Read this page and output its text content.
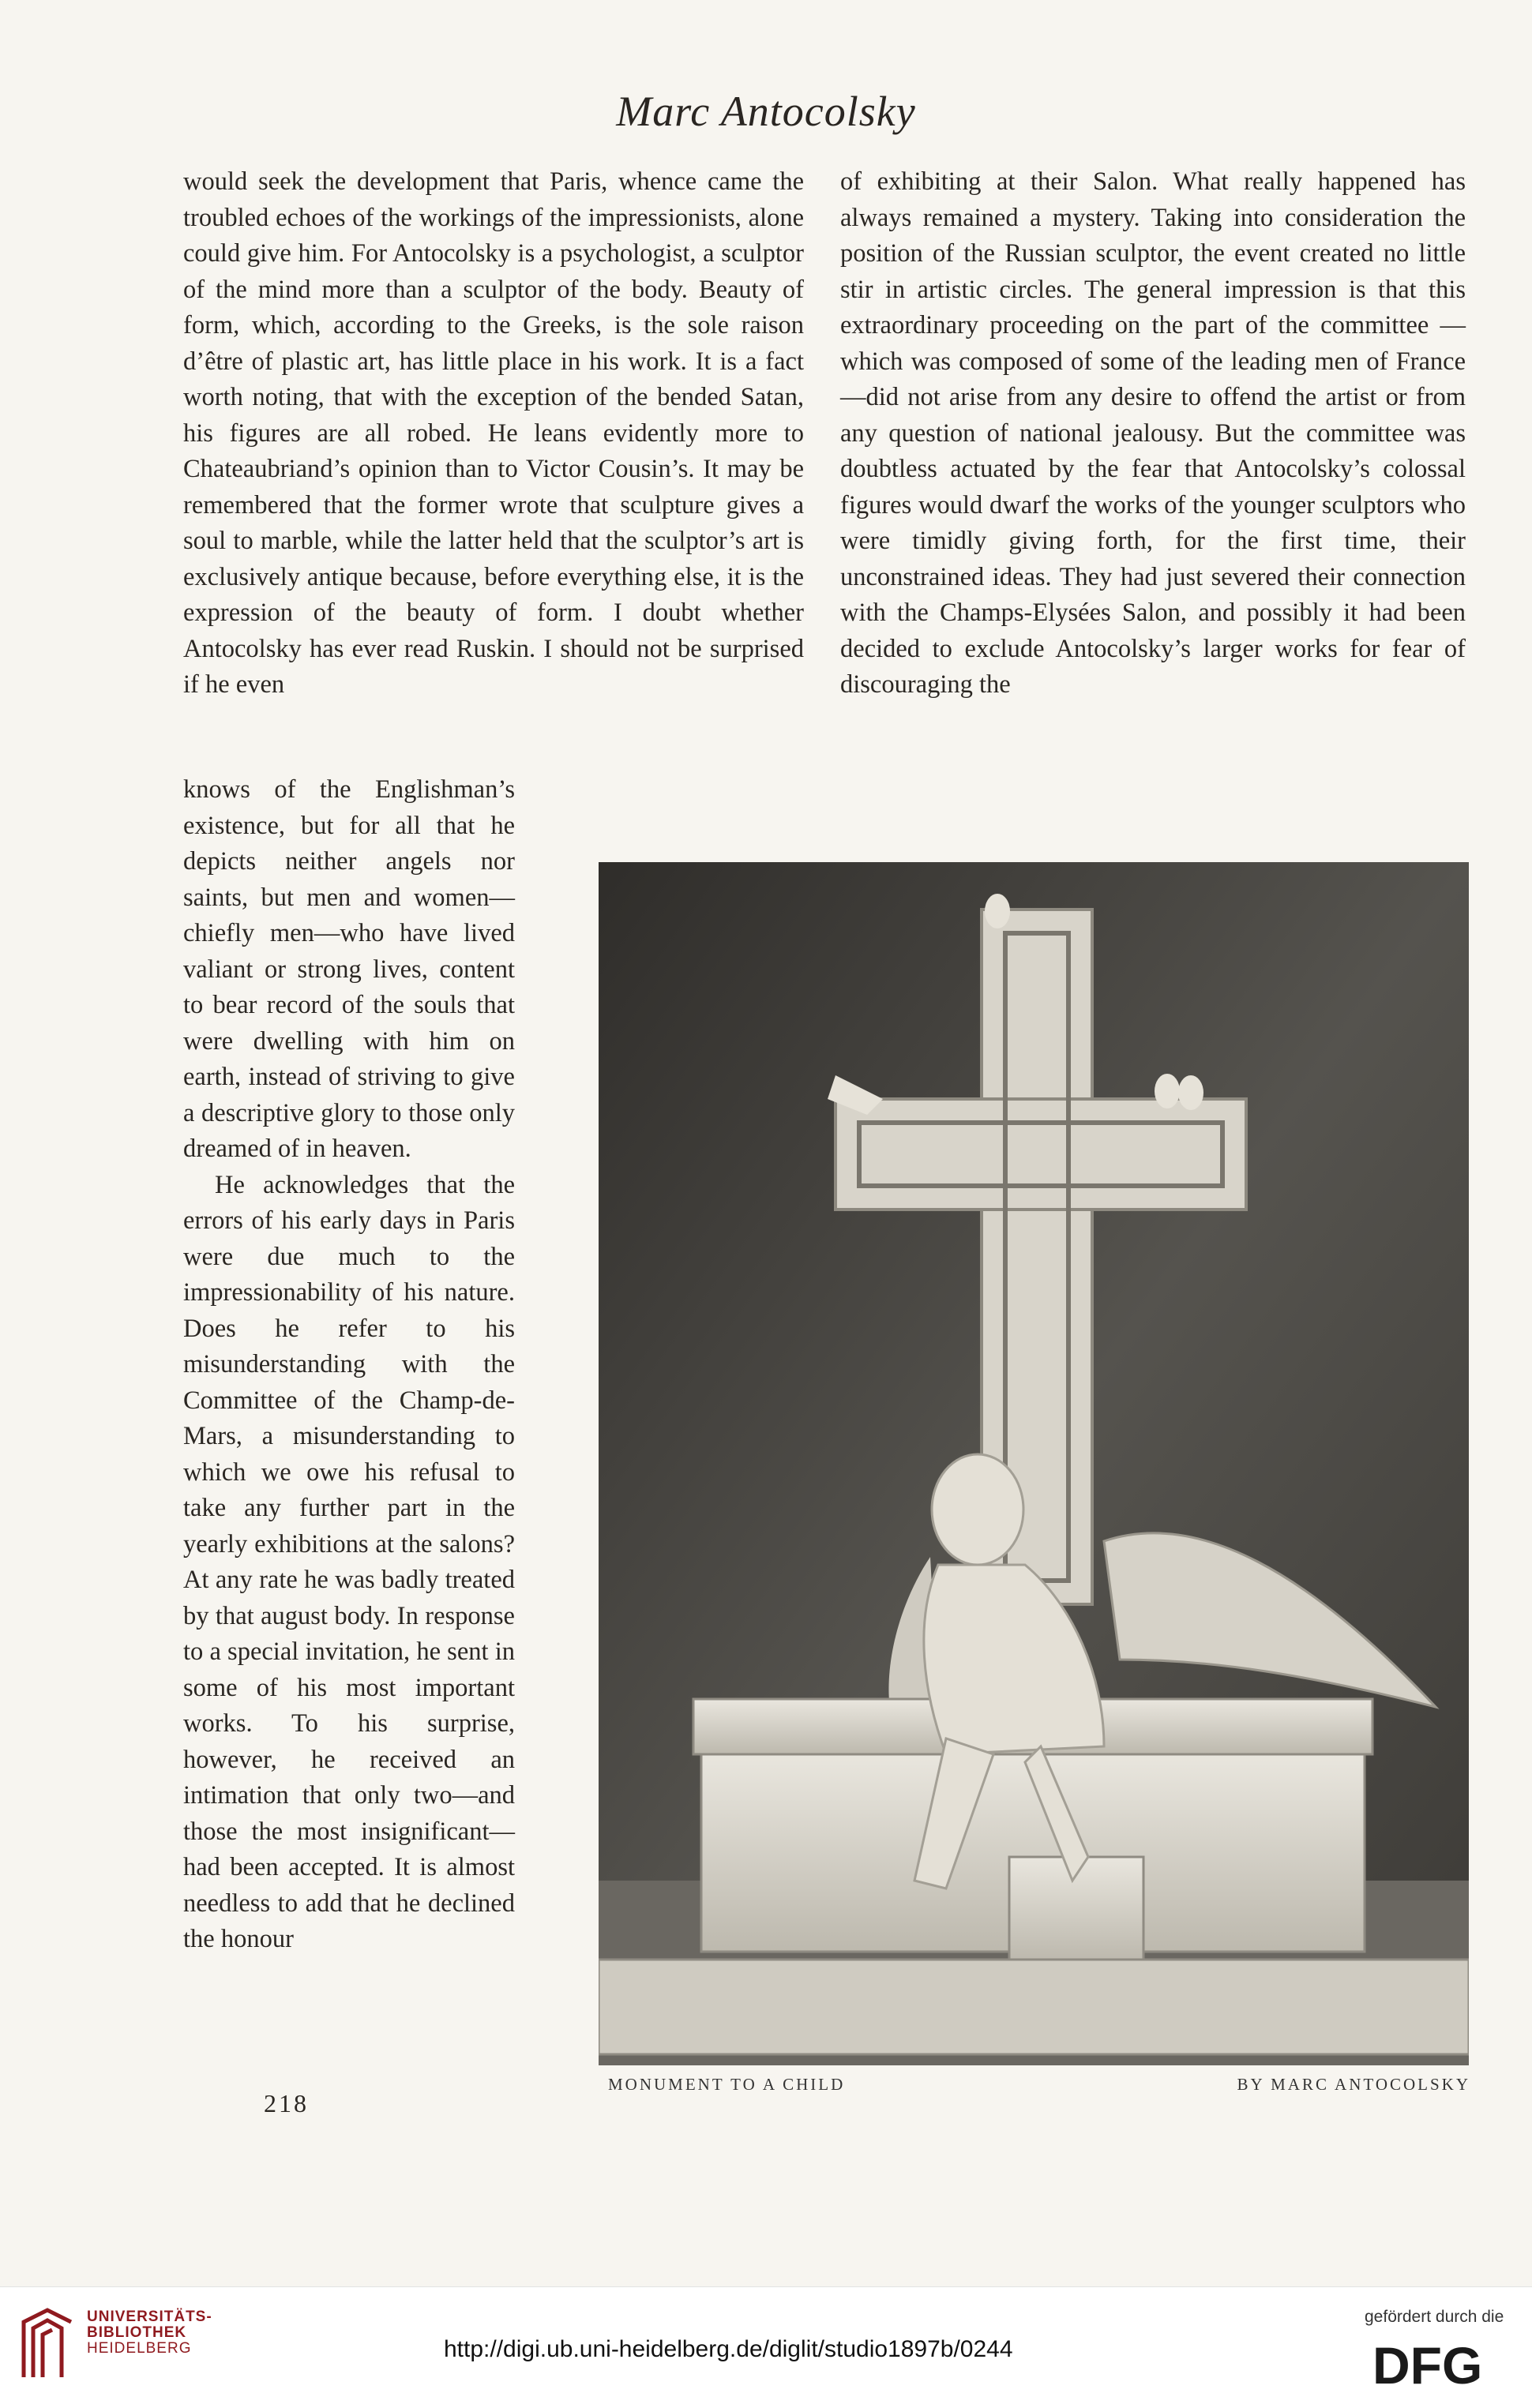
Marc Antocolsky

would seek the development that Paris, whence came the troubled echoes of the workings of the impressionists, alone could give him. For Antocolsky is a psychologist, a sculptor of the mind more than a sculptor of the body. Beauty of form, which, according to the Greeks, is the sole raison d’être of plastic art, has little place in his work. It is a fact worth noting, that with the exception of the bended Satan, his figures are all robed. He leans evidently more to Chateaubriand’s opinion than to Victor Cousin’s. It may be remembered that the former wrote that sculpture gives a soul to marble, while the latter held that the sculptor’s art is exclusively antique because, before everything else, it is the expression of the beauty of form. I doubt whether Antocolsky has ever read Ruskin. I should not be surprised if he even

of exhibiting at their Salon. What really happened has always remained a mystery. Taking into consideration the position of the Russian sculptor, the event created no little stir in artistic circles. The general impression is that this extraordinary proceeding on the part of the committee —which was composed of some of the leading men of France—did not arise from any desire to offend the artist or from any question of national jealousy. But the committee was doubtless actuated by the fear that Antocolsky’s colossal figures would dwarf the works of the younger sculptors who were timidly giving forth, for the first time, their unconstrained ideas. They had just severed their connection with the Champs-Elysées Salon, and possibly it had been decided to exclude Antocolsky’s larger works for fear of discouraging the

knows of the Englishman’s existence, but for all that he depicts neither angels nor saints, but men and women—chiefly men—who have lived valiant or strong lives, content to bear record of the souls that were dwelling with him on earth, instead of striving to give a descriptive glory to those only dreamed of in heaven.

He acknowledges that the errors of his early days in Paris were due much to the impressionability of his nature. Does he refer to his misunderstanding with the Committee of the Champ-de-Mars, a misunderstanding to which we owe his refusal to take any further part in the yearly exhibitions at the salons? At any rate he was badly treated by that august body. In response to a special invitation, he sent in some of his most important works. To his surprise, however, he received an intimation that only two—and those the most insignificant—had been accepted. It is almost needless to add that he declined the honour

MONUMENT TO A CHILD	BY MARC ANTOCOLSKY
218
UNIVERSITÄTS-
BIBLIOTHEK
HEIDELBERG	http://digi.ub.uni-heidelberg.de/diglit/studio1897b/0244
gefördert durch die
DFG
